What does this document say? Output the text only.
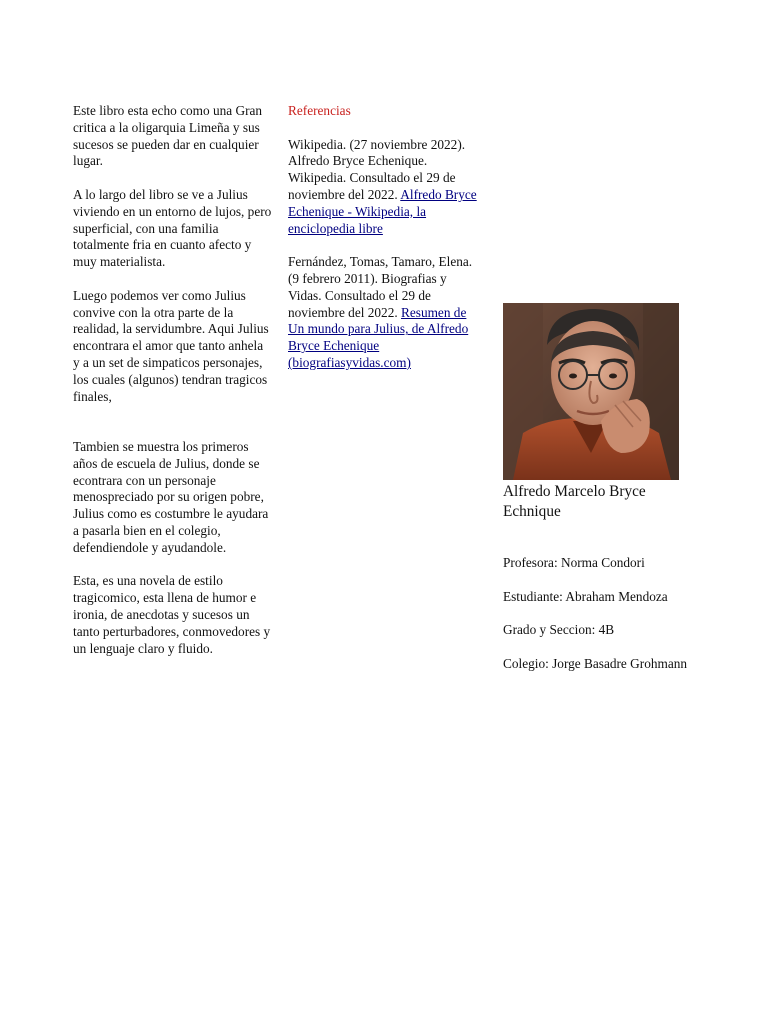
Este libro esta echo como una Gran critica a la oligarquia Limeña y sus sucesos se pueden dar en cualquier lugar.

A lo largo del libro se ve a Julius viviendo en un entorno de lujos, pero superficial, con una familia totalmente fria en cuanto afecto y muy materialista.

Luego podemos ver como Julius convive con la otra parte de la realidad, la servidumbre. Aqui Julius encontrara el amor que tanto anhela y a un set de simpaticos personajes, los cuales (algunos) tendran tragicos finales,

Tambien se muestra los primeros años de escuela de Julius, donde se econtrara con un personaje menospreciado por su origen pobre, Julius como es costumbre le ayudara a pasarla bien en el colegio, defendiendole y ayudandole.

Esta, es una novela de estilo tragicomico, esta llena de humor e ironia, de anecdotas y sucesos un tanto perturbadores, conmovedores y un lenguaje claro y fluido.

Referencias

Wikipedia. (27 noviembre 2022). Alfredo Bryce Echenique. Wikipedia. Consultado el 29 de noviembre del 2022. Alfredo Bryce Echenique - Wikipedia, la enciclopedia libre

Fernández, Tomas, Tamaro, Elena. (9 febrero 2011). Biografias y Vidas. Consultado el 29 de noviembre del 2022. Resumen de Un mundo para Julius, de Alfredo Bryce Echenique (biografiasyvidas.com)

Alfredo Marcelo Bryce Echnique

Profesora: Norma Condori

Estudiante: Abraham Mendoza

Grado y Seccion: 4B

Colegio: Jorge Basadre Grohmann
